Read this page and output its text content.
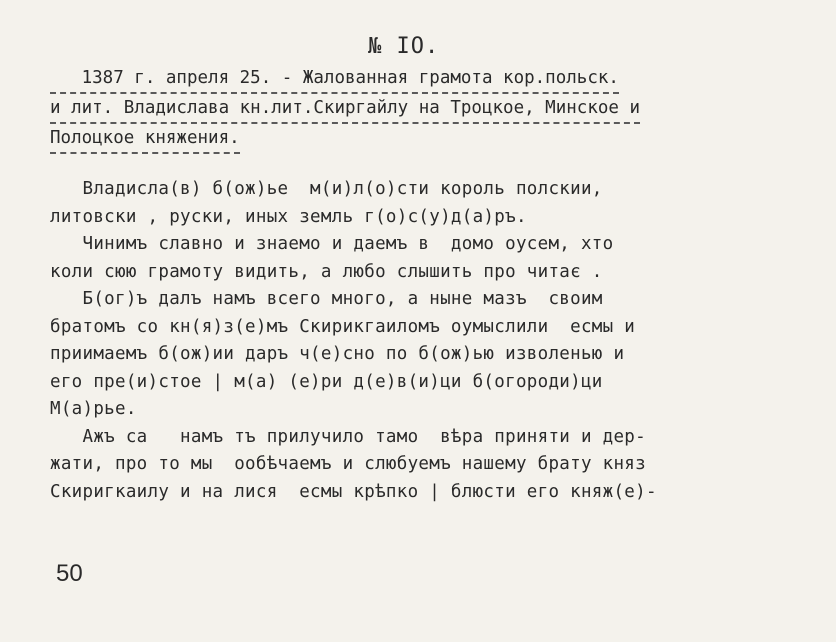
№ IO.
1387 г. апреля 25. - Жалованная грамота кор.польск.
и лит. Владислава кн.лит.Скиргайлу на Троцкое, Минское и
Полоцкое княжения.
Владисла(в) б(ож)ье  м(и)л(о)сти король полскии,
литовски , руски, иных земль г(о)с(у)д(а)ръ.
Чинимъ славно и знаемо и даемъ в  домо оусем, хто
коли сюю грамоту видить, а любо слышить про читає .
Б(ог)ъ далъ намъ всего много, а ныне мазъ  своим
братомъ со кн(я)з(е)мъ Скирикгаиломъ оумыслили  есмы и
приимаемъ б(ож)ии даръ ч(е)сно по б(ож)ью изволенью и
его пре(и)стое | м(а) (е)ри д(е)в(и)ци б(огороди)ци
М(а)рье.
Ажъ са   намъ тъ прилучило тамо  вѣра приняти и дер-
жати, про то мы  ообѣчаемъ и слюбуемъ нашему брату княз
Скиригкаилу и на лися  есмы крѣпко | блюсти его княж(е)-
50
